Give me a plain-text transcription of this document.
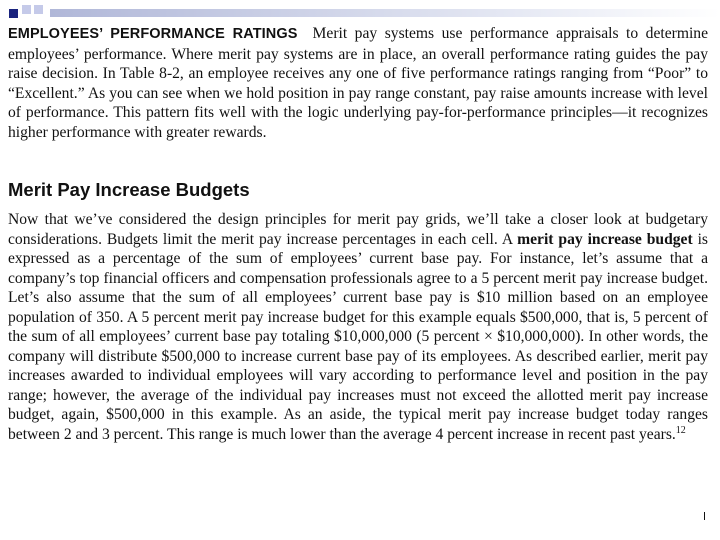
EMPLOYEES’ PERFORMANCE RATINGS Merit pay systems use performance appraisals to determine employees’ performance. Where merit pay systems are in place, an overall performance rating guides the pay raise decision. In Table 8-2, an employee receives any one of five performance ratings ranging from “Poor” to “Excellent.” As you can see when we hold position in pay range constant, pay raise amounts increase with level of performance. This pattern fits well with the logic underlying pay-for-performance principles—it recognizes higher performance with greater rewards.

Merit Pay Increase Budgets

Now that we’ve considered the design principles for merit pay grids, we’ll take a closer look at budgetary considerations. Budgets limit the merit pay increase percentages in each cell. A merit pay increase budget is expressed as a percentage of the sum of employees’ current base pay. For instance, let’s assume that a company’s top financial officers and compensation professionals agree to a 5 percent merit pay increase budget. Let’s also assume that the sum of all employees’ current base pay is $10 million based on an employee population of 350. A 5 percent merit pay increase budget for this example equals $500,000, that is, 5 percent of the sum of all employees’ current base pay totaling $10,000,000 (5 percent × $10,000,000). In other words, the company will distribute $500,000 to increase current base pay of its employees. As described earlier, merit pay increases awarded to individual employees will vary according to performance level and position in the pay range; however, the average of the individual pay increases must not exceed the allotted merit pay increase budget, again, $500,000 in this example. As an aside, the typical merit pay increase budget today ranges between 2 and 3 percent. This range is much lower than the average 4 percent increase in recent past years.$^{12}$
